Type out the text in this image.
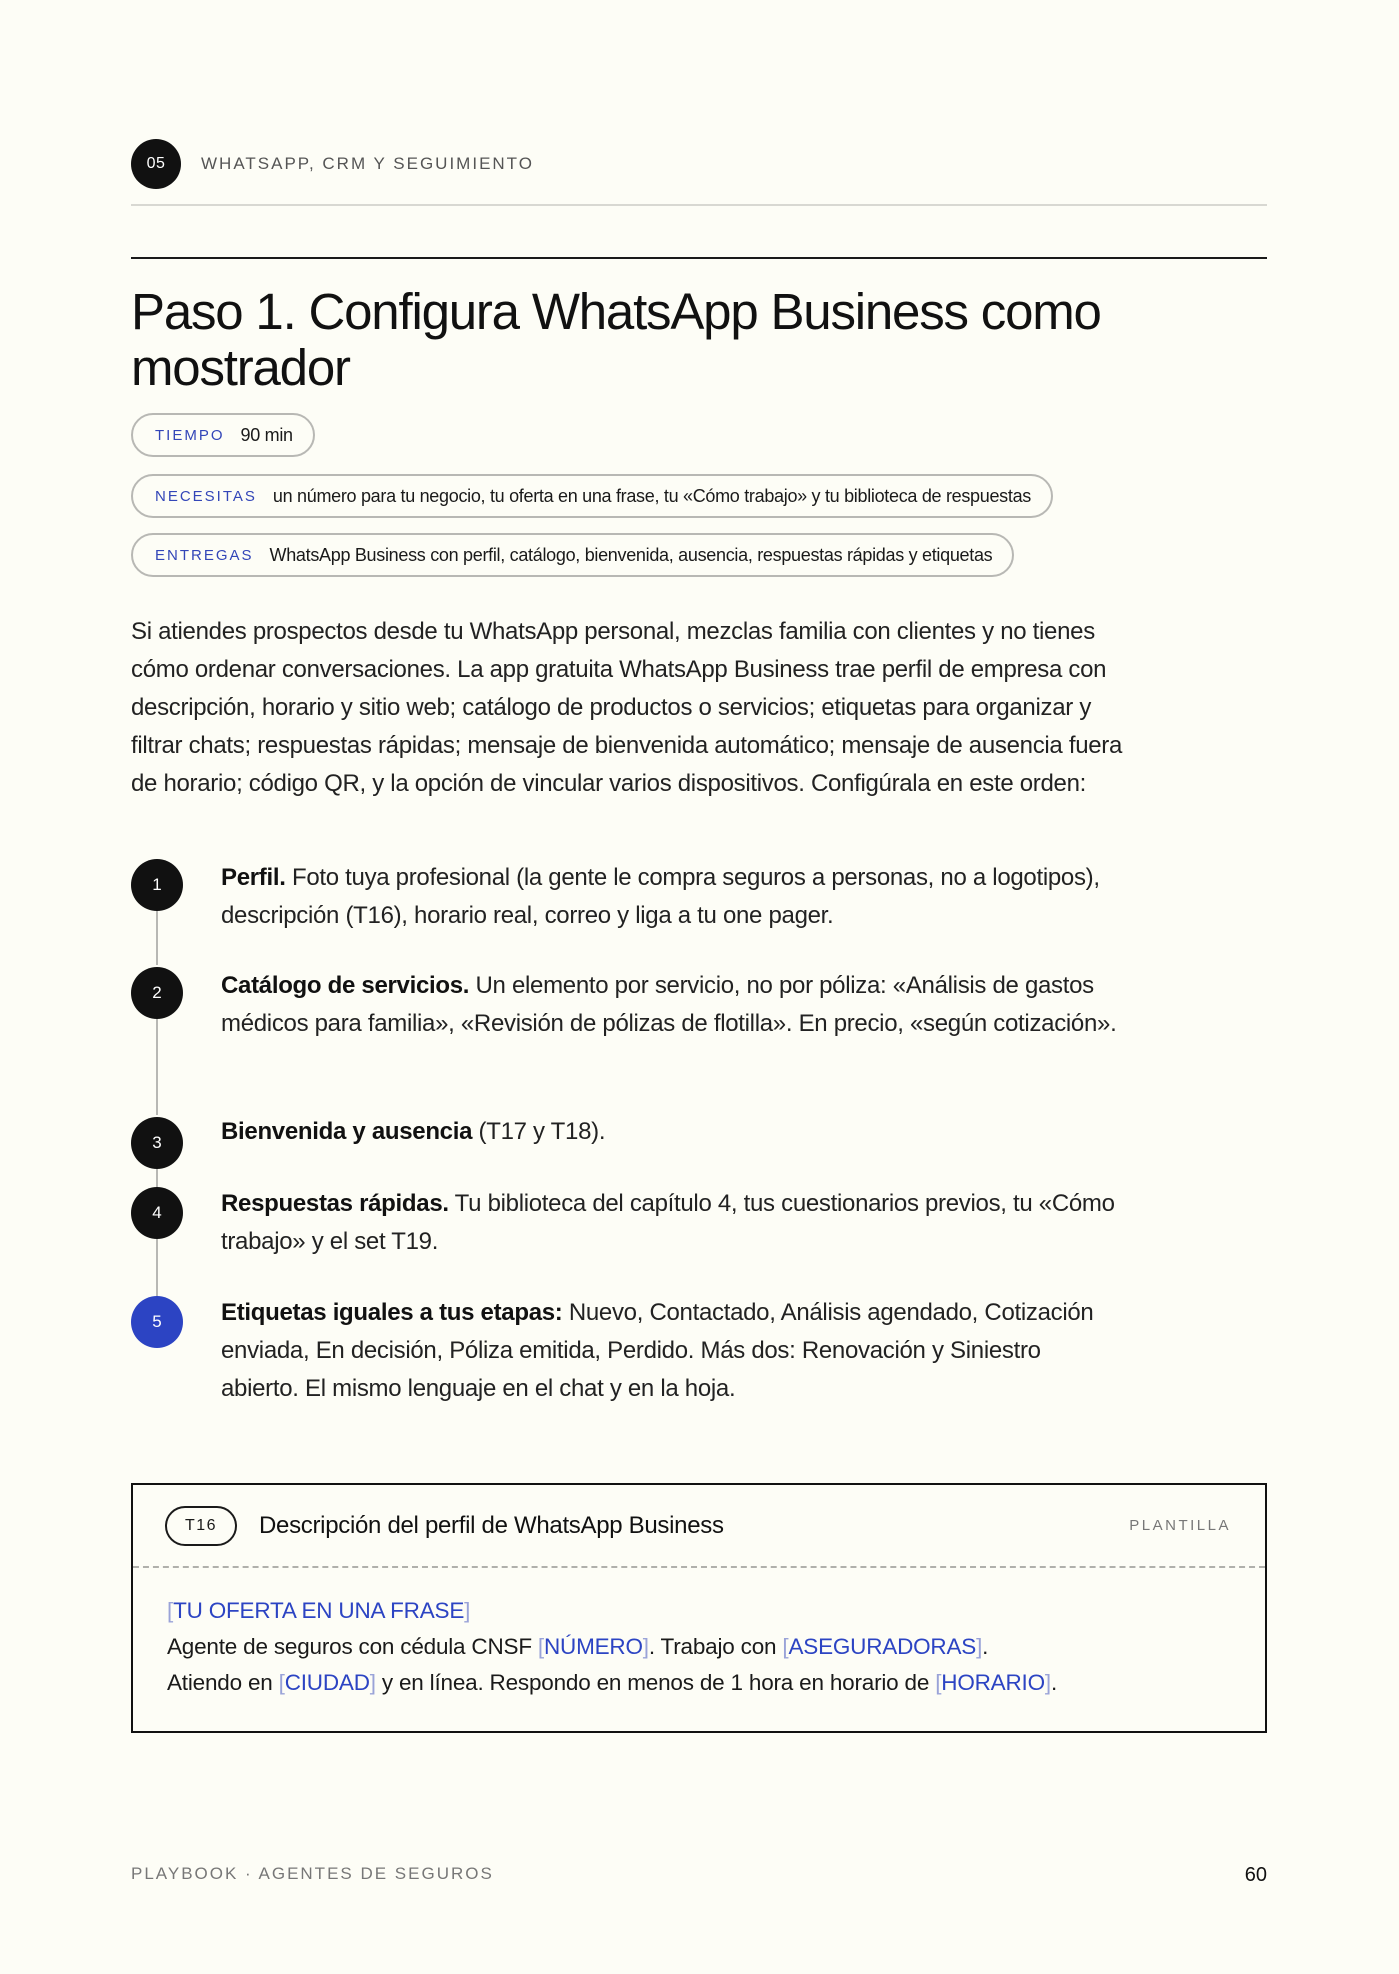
05	WHATSAPP, CRM Y SEGUIMIENTO
Paso 1. Configura WhatsApp Business como mostrador
TIEMPO 90 min
NECESITAS un número para tu negocio, tu oferta en una frase, tu «Cómo trabajo» y tu biblioteca de respuestas
ENTREGAS WhatsApp Business con perfil, catálogo, bienvenida, ausencia, respuestas rápidas y etiquetas

Si atiendes prospectos desde tu WhatsApp personal, mezclas familia con clientes y no tienes cómo ordenar conversaciones. La app gratuita WhatsApp Business trae perfil de empresa con descripción, horario y sitio web; catálogo de productos o servicios; etiquetas para organizar y filtrar chats; respuestas rápidas; mensaje de bienvenida automático; mensaje de ausencia fuera de horario; código QR, y la opción de vincular varios dispositivos. Configúrala en este orden:

1	Perfil. Foto tuya profesional (la gente le compra seguros a personas, no a logotipos), descripción (T16), horario real, correo y liga a tu one pager.

2	Catálogo de servicios. Un elemento por servicio, no por póliza: «Análisis de gastos médicos para familia», «Revisión de pólizas de flotilla». En precio, «según cotización».

3	Bienvenida y ausencia (T17 y T18).

4	Respuestas rápidas. Tu biblioteca del capítulo 4, tus cuestionarios previos, tu «Cómo trabajo» y el set T19.

5	Etiquetas iguales a tus etapas: Nuevo, Contactado, Análisis agendado, Cotización enviada, En decisión, Póliza emitida, Perdido. Más dos: Renovación y Siniestro abierto. El mismo lenguaje en el chat y en la hoja.

T16	Descripción del perfil de WhatsApp Business	PLANTILLA
[TU OFERTA EN UNA FRASE]
Agente de seguros con cédula CNSF [NÚMERO]. Trabajo con [ASEGURADORAS].
Atiendo en [CIUDAD] y en línea. Respondo en menos de 1 hora en horario de [HORARIO].
PLAYBOOK · AGENTES DE SEGUROS	60
